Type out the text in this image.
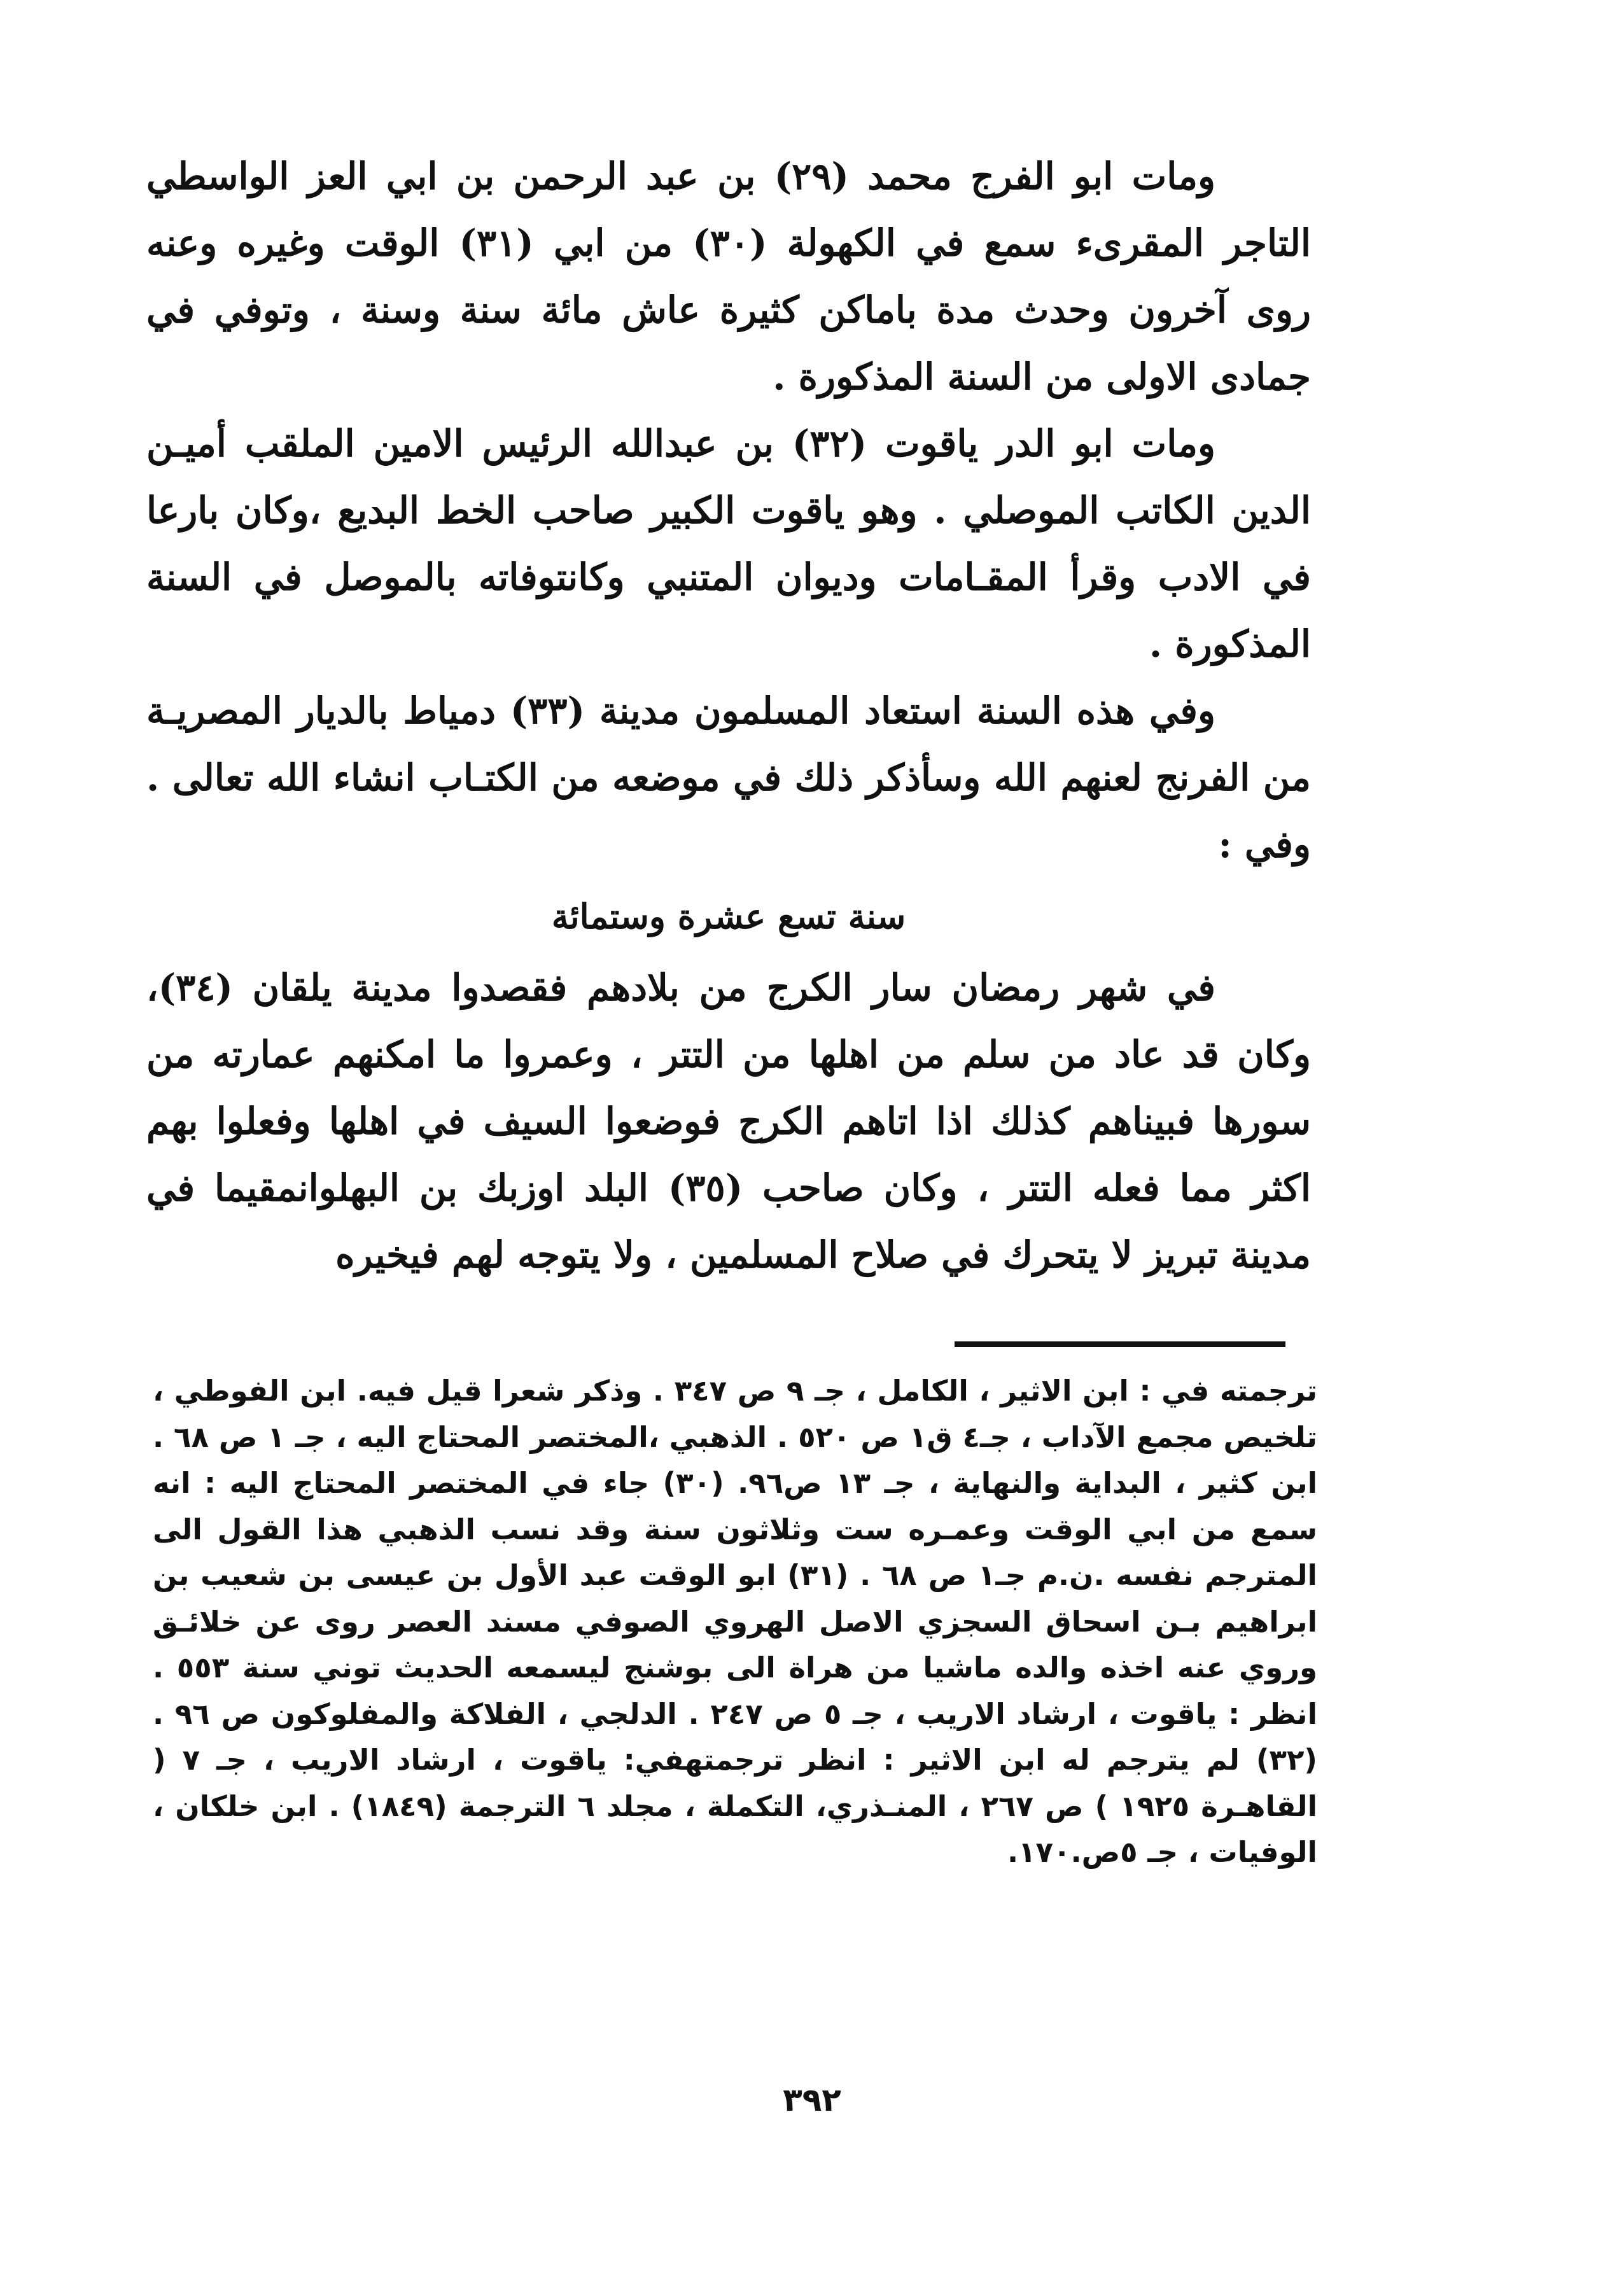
ومات ابو الفرج محمد (٢٩) بن عبد الرحمن بن ابي العز الواسطي التاجر المقرىء سمع في الكهولة (٣٠) من ابي (٣١) الوقت وغيره وعنه روى آخرون وحدث مدة باماكن كثيرة عاش مائة سنة وسنة ، وتوفي في جمادى الاولى من السنة المذكورة .

ومات ابو الدر ياقوت (٣٢) بن عبدالله الرئيس الامين الملقب أميـن الدين الكاتب الموصلي . وهو ياقوت الكبير صاحب الخط البديع ،وكان بارعا في الادب وقرأ المقـامات وديوان المتنبي وكانتوفاته بالموصل في السنة المذكورة .

وفي هذه السنة استعاد المسلمون مدينة (٣٣) دمياط بالديار المصريـة من الفرنج لعنهم الله وسأذكر ذلك في موضعه من الكتـاب انشاء الله تعالى . وفي :

سنة تسع عشرة وستمائة

في شهر رمضان سار الكرج من بلادهم فقصدوا مدينة يلقان (٣٤)، وكان قد عاد من سلم من اهلها من التتر ، وعمروا ما امكنهم عمارته من سورها فبيناهم كذلك اذا اتاهم الكرج فوضعوا السيف في اهلها وفعلوا بهم اكثر مما فعله التتر ، وكان صاحب (٣٥) البلد اوزبك بن البهلوانمقيما في مدينة تبريز لا يتحرك في صلاح المسلمين ، ولا يتوجه لهم فيخيره

ترجمته في : ابن الاثير ، الكامل ، جـ ٩ ص ٣٤٧ . وذكر شعرا قيل فيه. ابن الفوطي ، تلخيص مجمع الآداب ، جـ٤ ق١ ص ٥٢٠ . الذهبي ،المختصر المحتاج اليه ، جـ ١ ص ٦٨ . ابن كثير ، البداية والنهاية ، جـ ١٣ ص٩٦. (٣٠) جاء في المختصر المحتاج اليه : انه سمع من ابي الوقت وعمـره ست وثلاثون سنة وقد نسب الذهبي هذا القول الى المترجم نفسه .ن.م جـ١ ص ٦٨ . (٣١) ابو الوقت عبد الأول بن عيسى بن شعيب بن ابراهيم بـن اسحاق السجزي الاصل الهروي الصوفي مسند العصر روى عن خلائـق وروي عنه اخذه والده ماشيا من هراة الى بوشنج ليسمعه الحديث توني سنة ٥٥٣ . انظر : ياقوت ، ارشاد الاريب ، جـ ٥ ص ٢٤٧ . الدلجي ، الفلاكة والمفلوكون ص ٩٦ . (٣٢) لم يترجم له ابن الاثير : انظر ترجمتهفي: ياقوت ، ارشاد الاريب ، جـ ٧ ( القاهـرة ١٩٢٥ ) ص ٢٦٧ ، المنـذري، التكملة ، مجلد ٦ الترجمة (١٨٤٩) . ابن خلكان ، الوفيات ، جـ ٥ص.١٧٠.

٣٩٢
